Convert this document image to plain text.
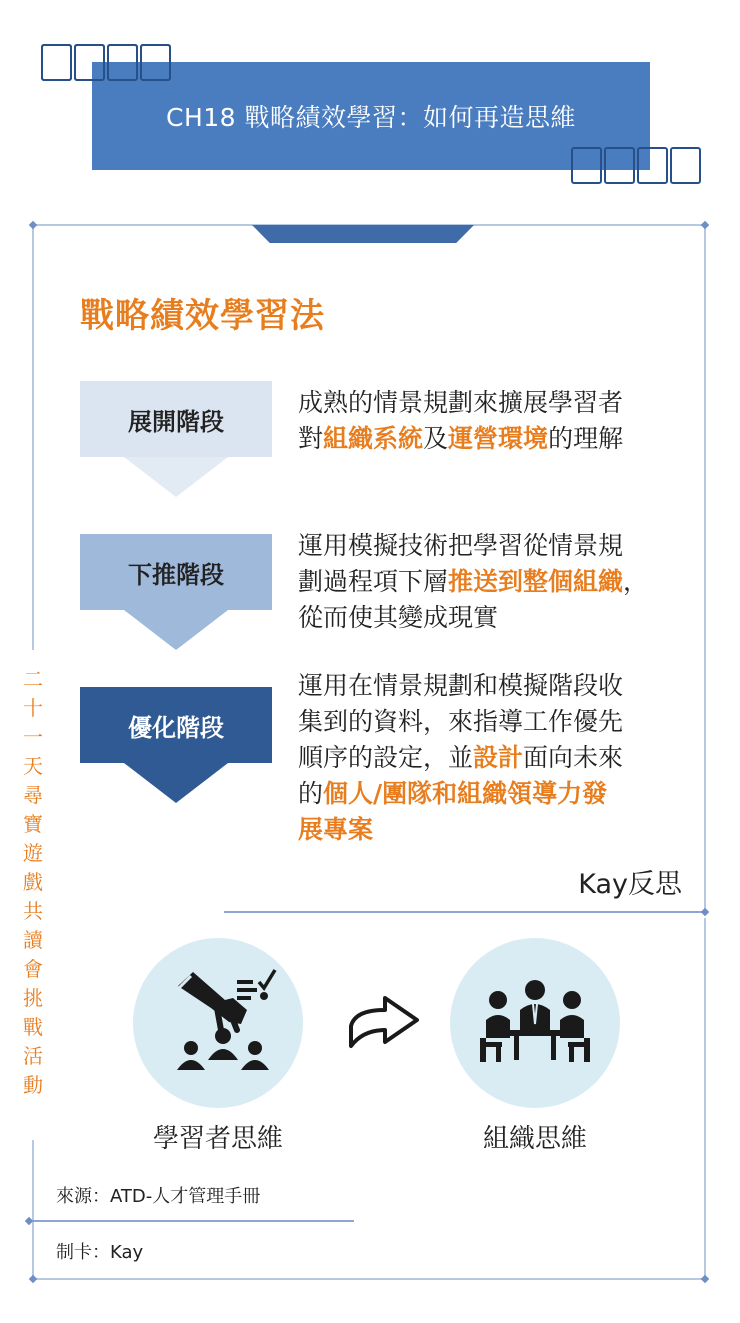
CH18 戰略績效學習：如何再造思維
戰略績效學習法
展開階段
成熟的情景規劃來擴展學習者
對組織系統及運營環境的理解
下推階段
運用模擬技術把學習從情景規
劃過程項下層推送到整個組織，
從而使其變成現實
優化階段
運用在情景規劃和模擬階段收
集到的資料，來指導工作優先
順序的設定，並設計面向未來
的個人/團隊和組織領導力發
展專案
Kay反思
學習者思維	組織思維
二十一天尋寶遊戲共讀會挑戰活動
來源：ATD-人才管理手冊
制卡：Kay
